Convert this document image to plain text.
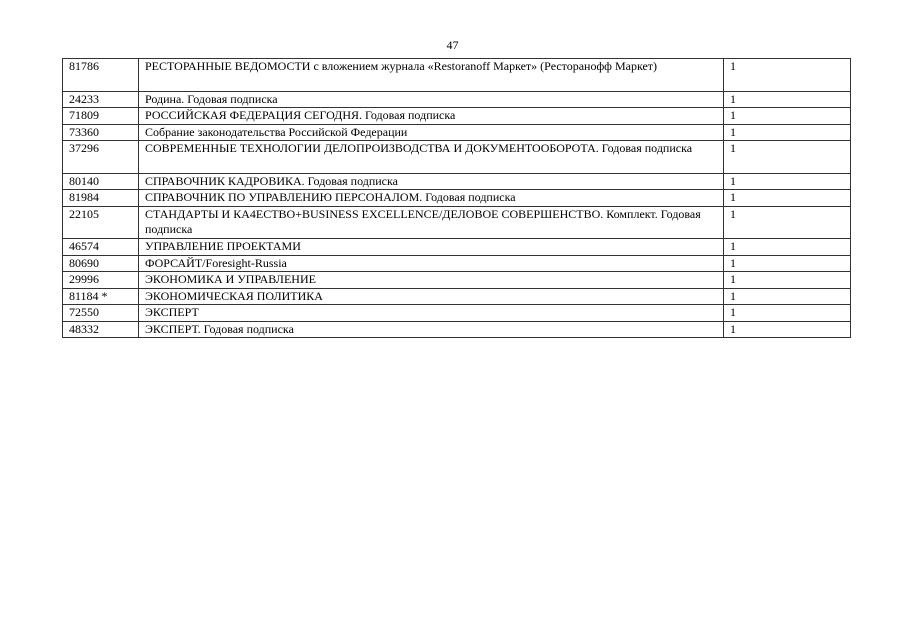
47
81786	РЕСТОРАННЫЕ ВЕДОМОСТИ с вложением журнала «Restoranoff Маркет» (Ресторанофф Маркет)	1
24233	Родина. Годовая подписка	1
71809	РОССИЙСКАЯ ФЕДЕРАЦИЯ СЕГОДНЯ. Годовая подписка	1
73360	Собрание законодательства Российской Федерации	1
37296	СОВРЕМЕННЫЕ ТЕХНОЛОГИИ ДЕЛОПРОИЗВОДСТВА И ДОКУМЕНТООБОРОТА. Годовая подписка	1
80140	СПРАВОЧНИК КАДРОВИКА. Годовая подписка	1
81984	СПРАВОЧНИК ПО УПРАВЛЕНИЮ ПЕРСОНАЛОМ. Годовая подписка	1
22105	СТАНДАРТЫ И КА4ЕСТВО+BUSINESS EXCELLENCE/ДЕЛОВОЕ СОВЕРШЕНСТВО. Комплект. Годовая подписка	1
46574	УПРАВЛЕНИЕ ПРОЕКТАМИ	1
80690	ФОРСАЙТ/Foresight-Russia	1
29996	ЭКОНОМИКА И УПРАВЛЕНИЕ	1
81184 *	ЭКОНОМИЧЕСКАЯ ПОЛИТИКА	1
72550	ЭКСПЕРТ	1
48332	ЭКСПЕРТ. Годовая подписка	1
